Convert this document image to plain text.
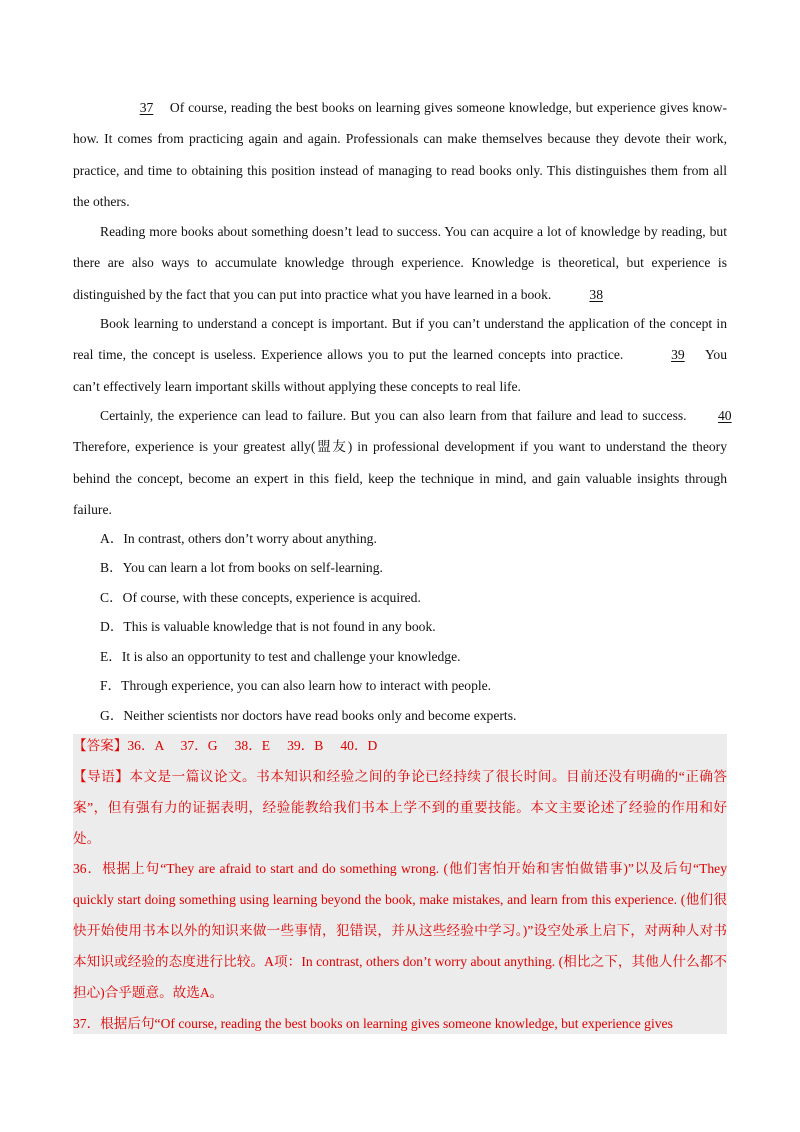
37 Of course, reading the best books on learning gives someone knowledge, but experience gives know-how. It comes from practicing again and again. Professionals can make themselves because they devote their work, practice, and time to obtaining this position instead of managing to read books only. This distinguishes them from all the others.

Reading more books about something doesn’t lead to success. You can acquire a lot of knowledge by reading, but there are also ways to accumulate knowledge through experience. Knowledge is theoretical, but experience is distinguished by the fact that you can put into practice what you have learned in a book.	38

Book learning to understand a concept is important. But if you can’t understand the application of the concept in real time, the concept is useless. Experience allows you to put the learned concepts into practice.	39 You can’t effectively learn important skills without applying these concepts to real life.

Certainly, the experience can lead to failure. But you can also learn from that failure and lead to success. 40 Therefore, experience is your greatest ally(盟友) in professional development if you want to understand the theory behind the concept, become an expert in this field, keep the technique in mind, and gain valuable insights through failure.

A．In contrast, others don’t worry about anything.

B．You can learn a lot from books on self-learning.

C．Of course, with these concepts, experience is acquired.

D．This is valuable knowledge that is not found in any book.

E．It is also an opportunity to test and challenge your knowledge.

F．Through experience, you can also learn how to interact with people.

G．Neither scientists nor doctors have read books only and become experts.

【答案】36．A　 37．G　 38．E　 39．B　 40．D

【导语】本文是一篇议论文。书本知识和经验之间的争论已经持续了很长时间。目前还没有明确的“正确答案”，但有强有力的证据表明，经验能教给我们书本上学不到的重要技能。本文主要论述了经验的作用和好处。

36．根据上句“They are afraid to start and do something wrong. (他们害怕开始和害怕做错事)”以及后句“They quickly start doing something using learning beyond the book, make mistakes, and learn from this experience. (他们很快开始使用书本以外的知识来做一些事情，犯错误，并从这些经验中学习。)”设空处承上启下，对两种人对书本知识或经验的态度进行比较。A项：In contrast, others don’t worry about anything. (相比之下，其他人什么都不担心)合乎题意。故选A。

37．根据后句“Of course, reading the best books on learning gives someone knowledge, but experience gives
